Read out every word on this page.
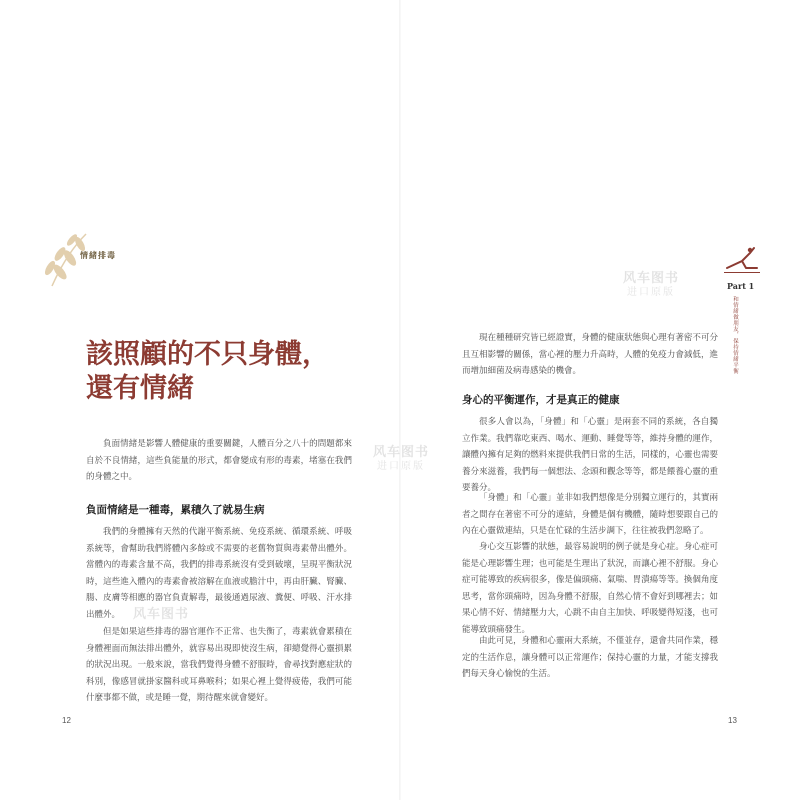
情緒排毒
該照顧的不只身體，
還有情緒

負面情緒是影響人體健康的重要關鍵，人體百分之八十的問題都來自於不良情緒，這些負能量的形式，都會變成有形的毒素，堵塞在我們的身體之中。

負面情緒是一種毒，累積久了就易生病

我們的身體擁有天然的代謝平衡系統、免疫系統、循環系統、呼吸系統等，會幫助我們將體內多餘或不需要的老舊物質與毒素帶出體外。當體內的毒素含量不高，我們的排毒系統沒有受到破壞，呈現平衡狀況時，這些進入體內的毒素會被溶解在血液或膽汁中，再由肝臟、腎臟、腸、皮膚等相應的器官負責解毒，最後通過尿液、糞便、呼吸、汗水排出體外。

但是如果這些排毒的器官運作不正常、也失衡了，毒素就會累積在身體裡面而無法排出體外，就容易出現即使沒生病，卻總覺得心靈損累的狀況出現。一般來說，當我們覺得身體不舒服時，會尋找對應症狀的科別，像感冒就掛家醫科或耳鼻喉科；如果心裡上覺得疲倦，我們可能什麼事都不做，或是睡一覺，期待醒來就會變好。

12
Part 1
和情緒做朋友，保持情緒平衡

現在種種研究皆已經證實，身體的健康狀態與心理有著密不可分且互相影響的關係，當心裡的壓力升高時，人體的免疫力會減低，進而增加細菌及病毒感染的機會。

身心的平衡運作，才是真正的健康

很多人會以為，「身體」和「心靈」是兩套不同的系統，各自獨立作業。我們靠吃東西、喝水、運動、睡覺等等，維持身體的運作，讓體內擁有足夠的燃料來提供我們日常的生活，同樣的，心靈也需要養分來滋養，我們每一個想法、念頭和觀念等等，都是餵養心靈的重要養分。

「身體」和「心靈」並非如我們想像是分別獨立運行的，其實兩者之間存在著密不可分的連結，身體是個有機體，隨時想要跟自己的內在心靈做連結，只是在忙碌的生活步調下，往往被我們忽略了。

身心交互影響的狀態，最容易說明的例子就是身心症。身心症可能是心理影響生理；也可能是生理出了狀況，而讓心裡不舒服。身心症可能導致的疾病很多，像是偏頭痛、氣喘、胃潰瘍等等。換個角度思考，當你頭痛時，因為身體不舒服，自然心情不會好到哪裡去；如果心情不好、情緒壓力大，心跳不由自主加快、呼吸變得短淺，也可能導致頭痛發生。

由此可見，身體和心靈兩大系統，不僅並存，還會共同作業，穩定的生活作息，讓身體可以正常運作；保持心靈的力量，才能支撐我們每天身心愉悅的生活。

13
风车图书
进口原版
风车图书
进口原版
风车图书
